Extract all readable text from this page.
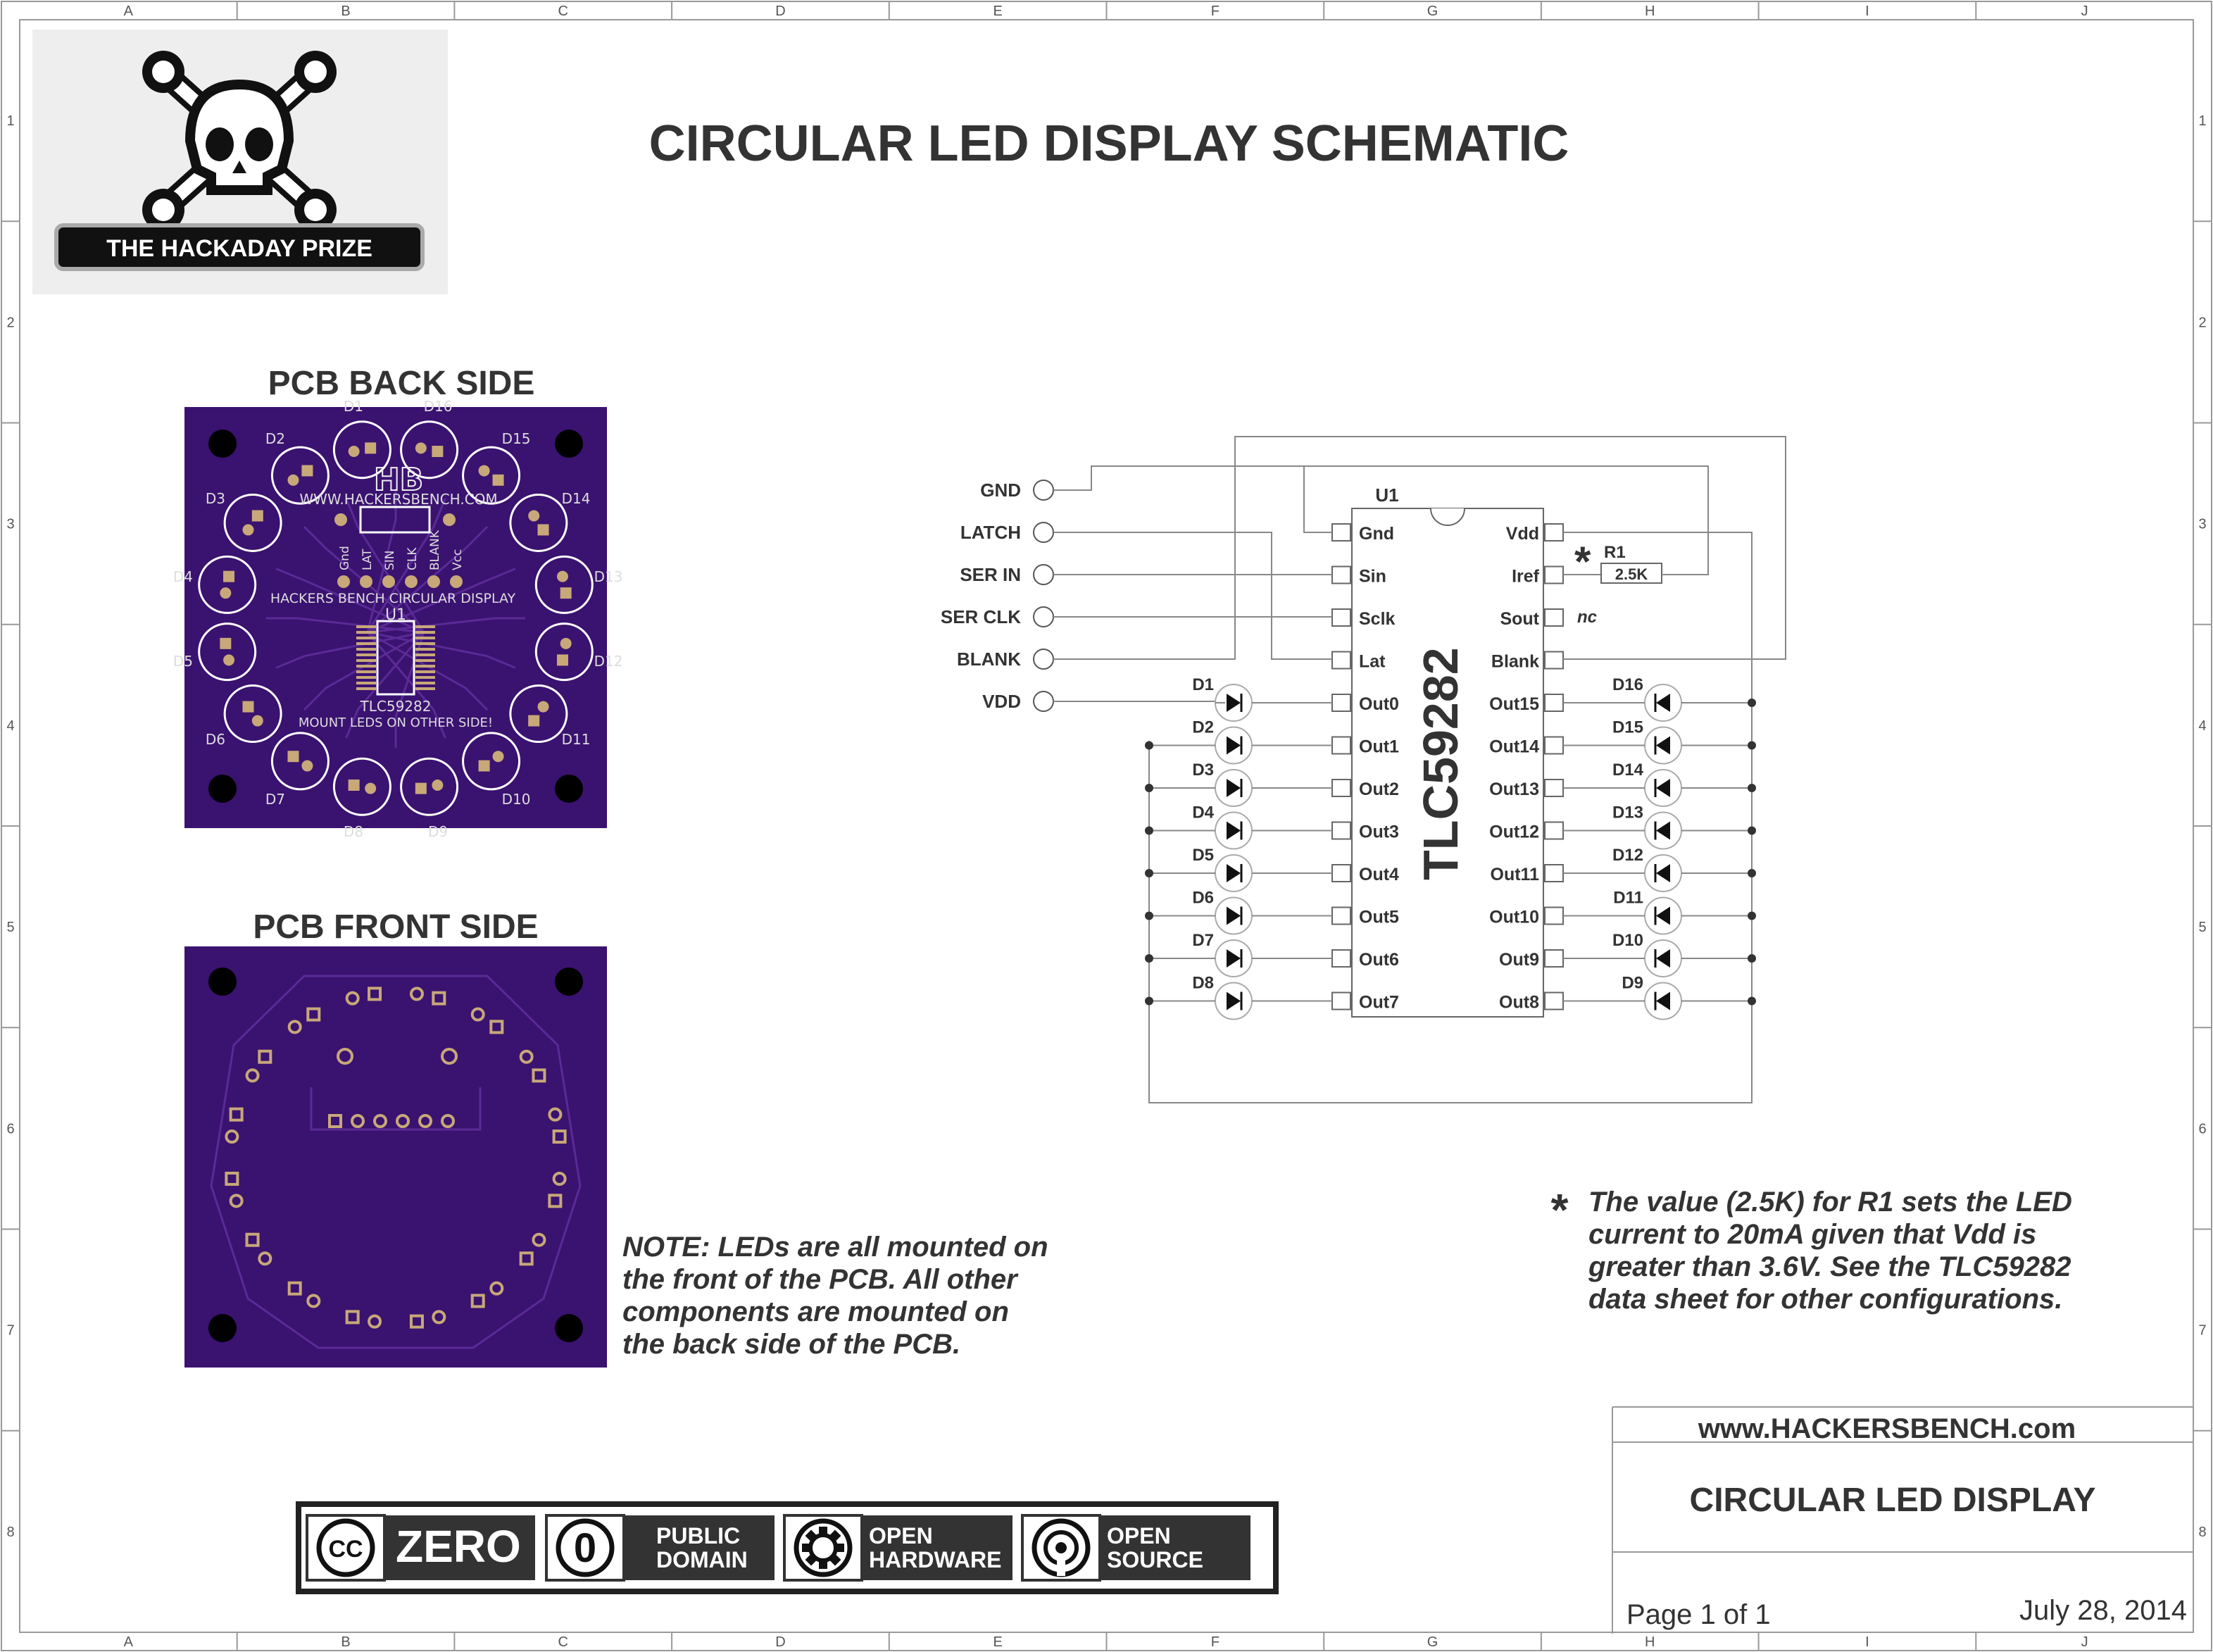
A
A
B
B
C
C
D
D
E
E
F
F
G
G
H
H
I
I
J
J
1	1
2	2
3	3
4	4
5	5
6	6
7	7
8	8
CIRCULAR LED DISPLAY SCHEMATIC
THE HACKADAY PRIZE
PCB BACK SIDE
D1
D2
D3
D4
D5
D6
D7
D8	D9
D10
D11
D12
D13
D14
D15
D16
HB
WWW.HACKERSBENCH.COM
Gnd LAT SIN CLK BLANK Vcc
HACKERS BENCH CIRCULAR DISPLAY
U1
TLC59282
MOUNT LEDS ON OTHER SIDE!
PCB FRONT SIDE
GND
LATCH
SER IN
SER CLK
BLANK
VDD
U1
TLC59282
Gnd
Sin
Sclk
Lat
Out0
Out1
Out2
Out3
Out4
Out5
Out6
Out7
Vdd
Iref
Sout
Blank
Out15
Out14
Out13
Out12
Out11
Out10
Out9
Out8
nc
2.5K
R1
*
D1
D2
D3
D4
D5
D6
D7
D8
D16
D15
D14
D13
D12
D11
D10
D9
NOTE: LEDs are all mounted on
the front of the PCB. All other
components are mounted on
the back side of the PCB.
* The value (2.5K) for R1 sets the LED
current to 20mA given that Vdd is
greater than 3.6V. See the TLC59282
data sheet for other configurations.
CC ZERO 0	PUBLIC
DOMAIN
OPEN
HARDWARE
OPEN
SOURCE
www.HACKERSBENCH.com
CIRCULAR LED DISPLAY
Page 1 of 1	July 28, 2014
